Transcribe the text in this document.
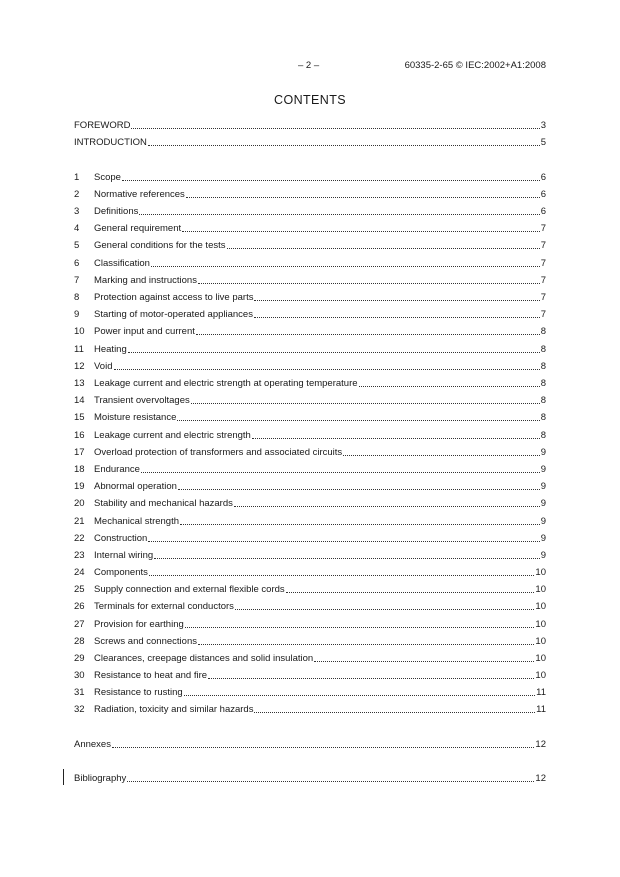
– 2 –	60335-2-65 © IEC:2002+A1:2008
CONTENTS
FOREWORD	3
INTRODUCTION	5
1	Scope	6
2	Normative references	6
3	Definitions	6
4	General requirement	7
5	General conditions for the tests	7
6	Classification	7
7	Marking and instructions	7
8	Protection against access to live parts	7
9	Starting of motor-operated appliances	7
10 Power input and current	8
11	Heating	8
12 Void	8
13 Leakage current and electric strength at operating temperature	8
14 Transient overvoltages	8
15 Moisture resistance	8
16 Leakage current and electric strength	8
17 Overload protection of transformers and associated circuits	9
18 Endurance	9
19 Abnormal operation	9
20 Stability and mechanical hazards	9
21 Mechanical strength	9
22 Construction	9
23 Internal wiring	9
24 Components	10
25 Supply connection and external flexible cords	10
26 Terminals for external conductors	10
27 Provision for earthing	10
28 Screws and connections	10
29 Clearances, creepage distances and solid insulation	10
30 Resistance to heat and fire	10
31 Resistance to rusting	11
32 Radiation, toxicity and similar hazards	11
Annexes	12
Bibliography	12
